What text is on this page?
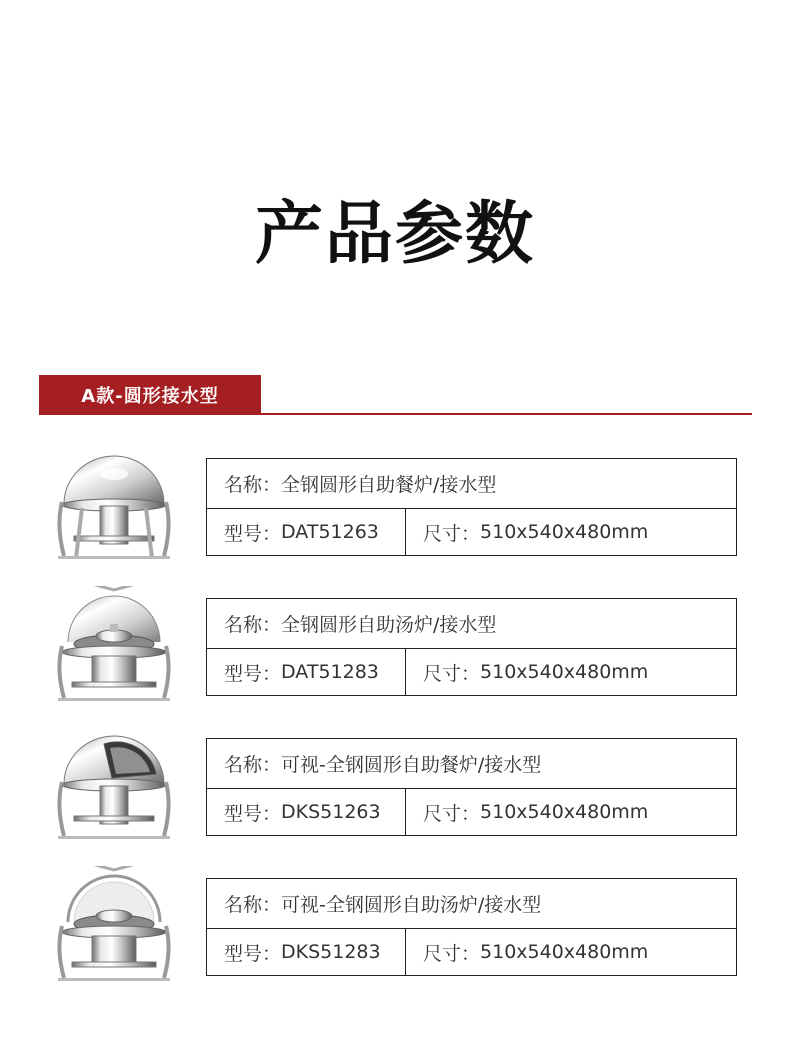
产品参数
A款-圆形接水型
名称：全钢圆形自助餐炉/接水型
型号： DAT51263 尺寸： 510x540x480mm
名称：全钢圆形自助汤炉/接水型
型号： DAT51283 尺寸： 510x540x480mm
名称：可视-全钢圆形自助餐炉/接水型
型号： DKS51263 尺寸： 510x540x480mm
名称：可视-全钢圆形自助汤炉/接水型
型号： DKS51283 尺寸： 510x540x480mm
